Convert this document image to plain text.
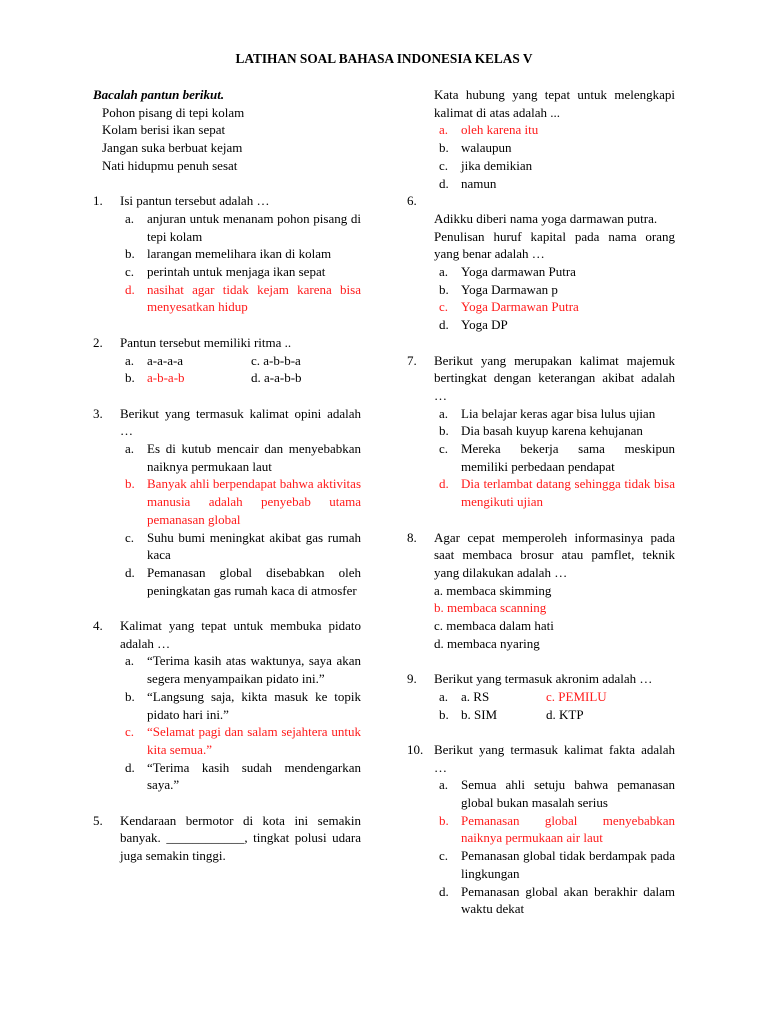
LATIHAN SOAL BAHASA INDONESIA KELAS V
Bacalah pantun berikut.
Pohon pisang di tepi kolam
Kolam berisi ikan sepat
Jangan suka berbuat kejam
Nati hidupmu penuh sesat
1. Isi pantun tersebut adalah …
a. anjuran untuk menanam pohon pisang di tepi kolam
b. larangan memelihara ikan di kolam
c. perintah untuk menjaga ikan sepat
d. nasihat agar tidak kejam karena bisa menyesatkan hidup
2. Pantun tersebut memiliki ritma ..
a. a-a-a-a	c. a-b-b-a
b. a-b-a-b	d. a-a-b-b
3. Berikut yang termasuk kalimat opini adalah …
a. Es di kutub mencair dan menyebabkan naiknya permukaan laut
b. Banyak ahli berpendapat bahwa aktivitas manusia adalah penyebab utama pemanasan global
c. Suhu bumi meningkat akibat gas rumah kaca
d. Pemanasan global disebabkan oleh peningkatan gas rumah kaca di atmosfer
4. Kalimat yang tepat untuk membuka pidato adalah …
a. “Terima kasih atas waktunya, saya akan segera menyampaikan pidato ini.”
b. “Langsung saja, kikta masuk ke topik pidato hari ini.”
c. “Selamat pagi dan salam sejahtera untuk kita semua.”
d. “Terima kasih sudah mendengarkan saya.”
5. Kendaraan bermotor di kota ini semakin banyak. ____________, tingkat polusi udara juga semakin tinggi.
Kata hubung yang tepat untuk melengkapi kalimat di atas adalah ...
a. oleh karena itu
b. walaupun
c. jika demikian
d. namun
6.
Adikku diberi nama yoga darmawan putra.
Penulisan huruf kapital pada nama orang yang benar adalah …
a. Yoga darmawan Putra
b. Yoga Darmawan p
c. Yoga Darmawan Putra
d. Yoga DP
7. Berikut yang merupakan kalimat majemuk bertingkat dengan keterangan akibat adalah …
a. Lia belajar keras agar bisa lulus ujian
b. Dia basah kuyup karena kehujanan
c. Mereka bekerja sama meskipun memiliki perbedaan pendapat
d. Dia terlambat datang sehingga tidak bisa mengikuti ujian
8. Agar cepat memperoleh informasinya pada saat membaca brosur atau pamflet, teknik yang dilakukan adalah …
a. membaca skimming
b. membaca scanning
c. membaca dalam hati
d. membaca nyaring
9. Berikut yang termasuk akronim adalah …
a. a. RS	c. PEMILU
b. b. SIM	d. KTP
10. Berikut yang termasuk kalimat fakta adalah …
a. Semua ahli setuju bahwa pemanasan global bukan masalah serius
b. Pemanasan global menyebabkan naiknya permukaan air laut
c. Pemanasan global tidak berdampak pada lingkungan
d. Pemanasan global akan berakhir dalam waktu dekat
